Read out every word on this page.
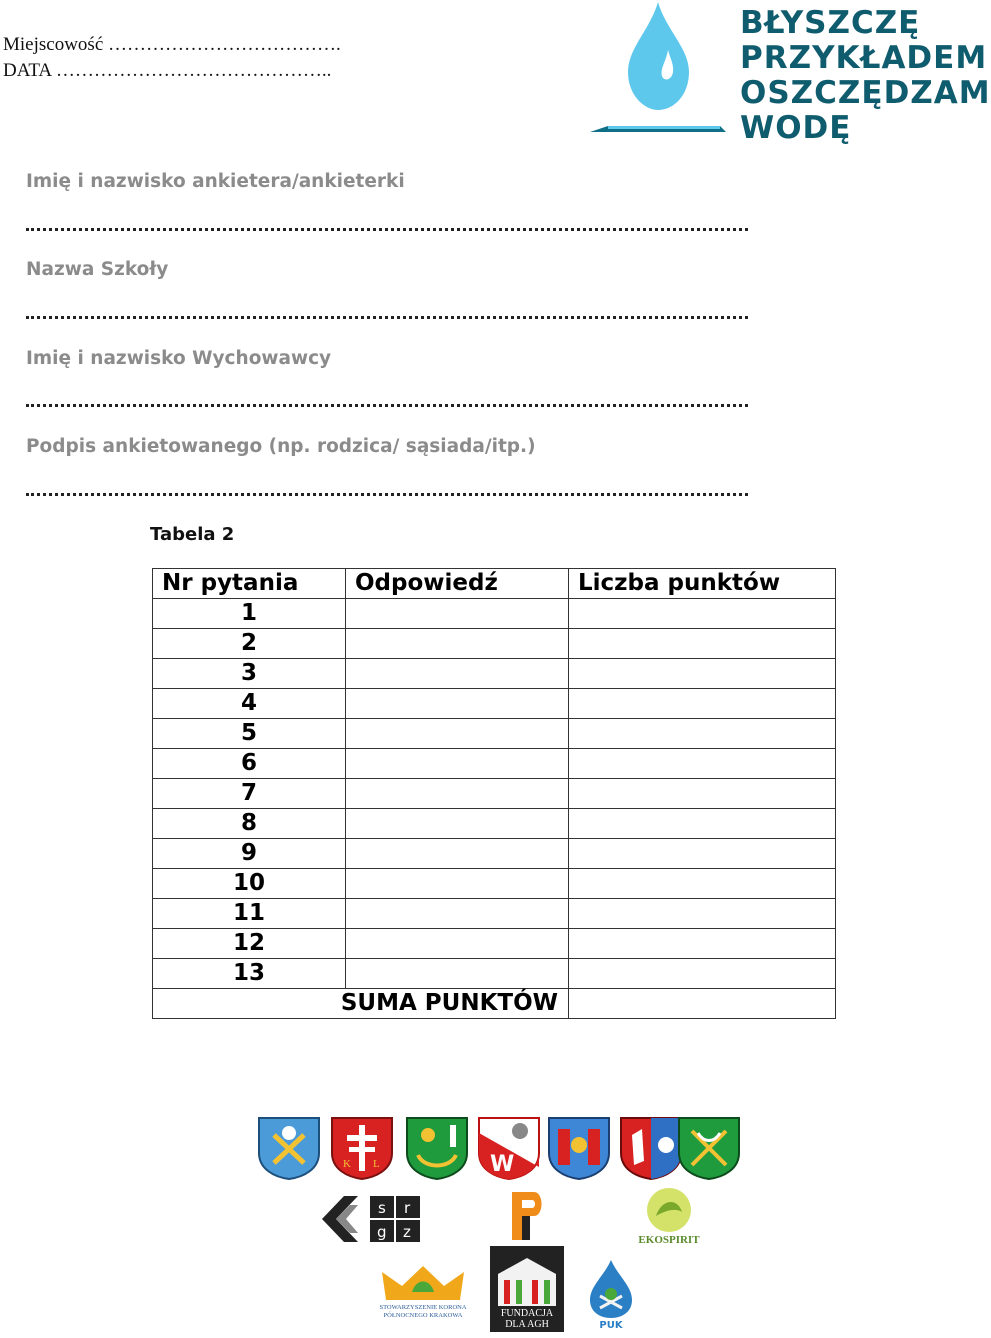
Miejscowość ……………………………….
DATA ……………………………………..
BŁYSZCZĘ
PRZYKŁADEM
OSZCZĘDZAM
WODĘ
Imię i nazwisko ankietera/ankieterki
Nazwa Szkoły
Imię i nazwisko Wychowawcy
Podpis ankietowanego (np. rodzica/ sąsiada/itp.)
Tabela 2
Nr pytania	Odpowiedź	Liczba punktów
1		
2		
3		
4		
5		
6		
7		
8		
9		
10		
11		
12		
13		
SUMA PUNKTÓW		
K L	W
s r
g z	EKOSPIRIT
STOWARZYSZENIE KORONA PÓŁNOCNEGO KRAKOWA	FUNDACJA DLA AGH	PUK
